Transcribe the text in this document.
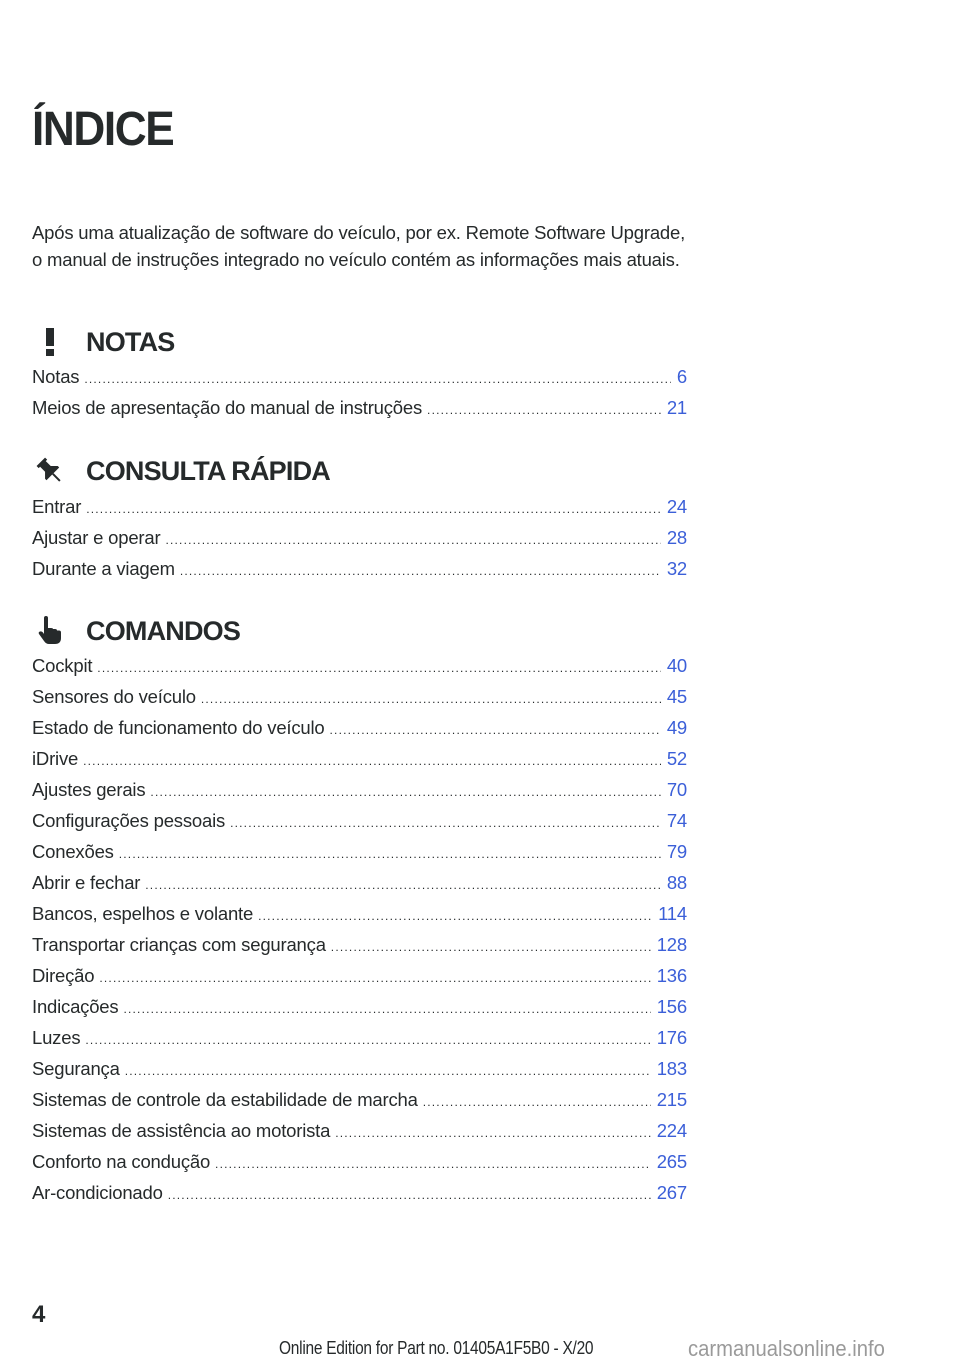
ÍNDICE

Após uma atualização de software do veículo, por ex. Remote Software Upgrade, o manual de instruções integrado no veículo contém as informações mais atuais.

NOTAS
Notas .....	6
Meios de apresentação do manual de instruções .....	21
CONSULTA RÁPIDA
Entrar .....	24
Ajustar e operar .....	28
Durante a viagem .....	32
COMANDOS
Cockpit .....	40
Sensores do veículo .....	45
Estado de funcionamento do veículo .....	49
iDrive .....	52
Ajustes gerais .....	70
Configurações pessoais .....	74
Conexões .....	79
Abrir e fechar .....	88
Bancos, espelhos e volante .....	114
Transportar crianças com segurança .....	128
Direção .....	136
Indicações .....	156
Luzes .....	176
Segurança .....	183
Sistemas de controle da estabilidade de marcha .....	215
Sistemas de assistência ao motorista .....	224
Conforto na condução .....	265
Ar-condicionado .....	267
4
Online Edition for Part no. 01405A1F5B0 - X/20	carmanualsonline.info
